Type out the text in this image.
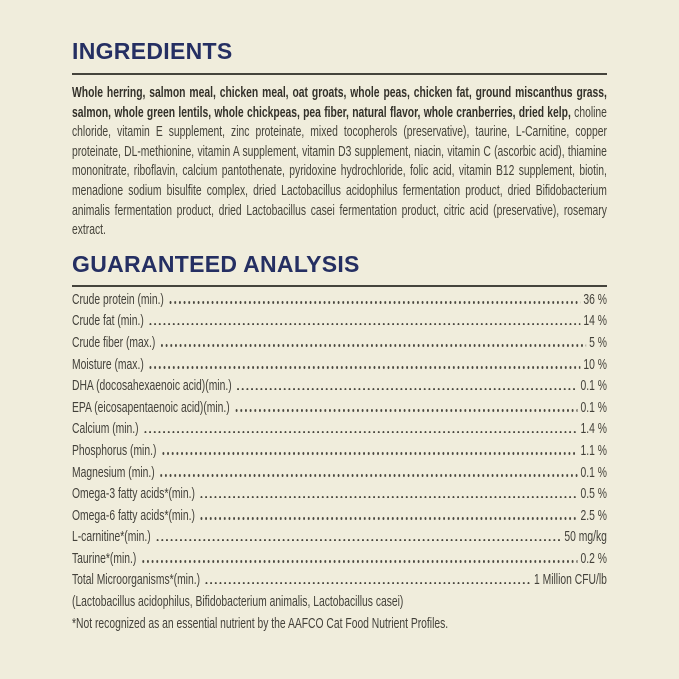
INGREDIENTS

Whole herring, salmon meal, chicken meal, oat groats, whole peas, chicken fat, ground miscanthus grass, salmon, whole green lentils, whole chickpeas, pea fiber, natural flavor, whole cranberries, dried kelp, choline chloride, vitamin E supplement, zinc proteinate, mixed tocopherols (preservative), taurine, L-Carnitine, copper proteinate, DL-methionine, vitamin A supplement, vitamin D3 supplement, niacin, vitamin C (ascorbic acid), thiamine mononitrate, riboflavin, calcium pantothenate, pyridoxine hydrochloride, folic acid, vitamin B12 supplement, biotin, menadione sodium bisulfite complex, dried Lactobacillus acidophilus fermentation product, dried Bifidobacterium animalis fermentation product, dried Lactobacillus casei fermentation product, citric acid (preservative), rosemary extract.

GUARANTEED ANALYSIS
Crude protein (min.)	36 %
Crude fat (min.)	14 %
Crude fiber (max.)	5 %
Moisture (max.)	10 %
DHA (docosahexaenoic acid)(min.)	0.1 %
EPA (eicosapentaenoic acid)(min.)	0.1 %
Calcium (min.)	1.4 %
Phosphorus (min.)	1.1 %
Magnesium (min.)	0.1 %
Omega-3 fatty acids*(min.)	0.5 %
Omega-6 fatty acids*(min.)	2.5 %
L-carnitine*(min.)	50 mg/kg
Taurine*(min.)	0.2 %
Total Microorganisms*(min.)	1 Million CFU/lb

(Lactobacillus acidophilus, Bifidobacterium animalis, Lactobacillus casei)

*Not recognized as an essential nutrient by the AAFCO Cat Food Nutrient Profiles.
